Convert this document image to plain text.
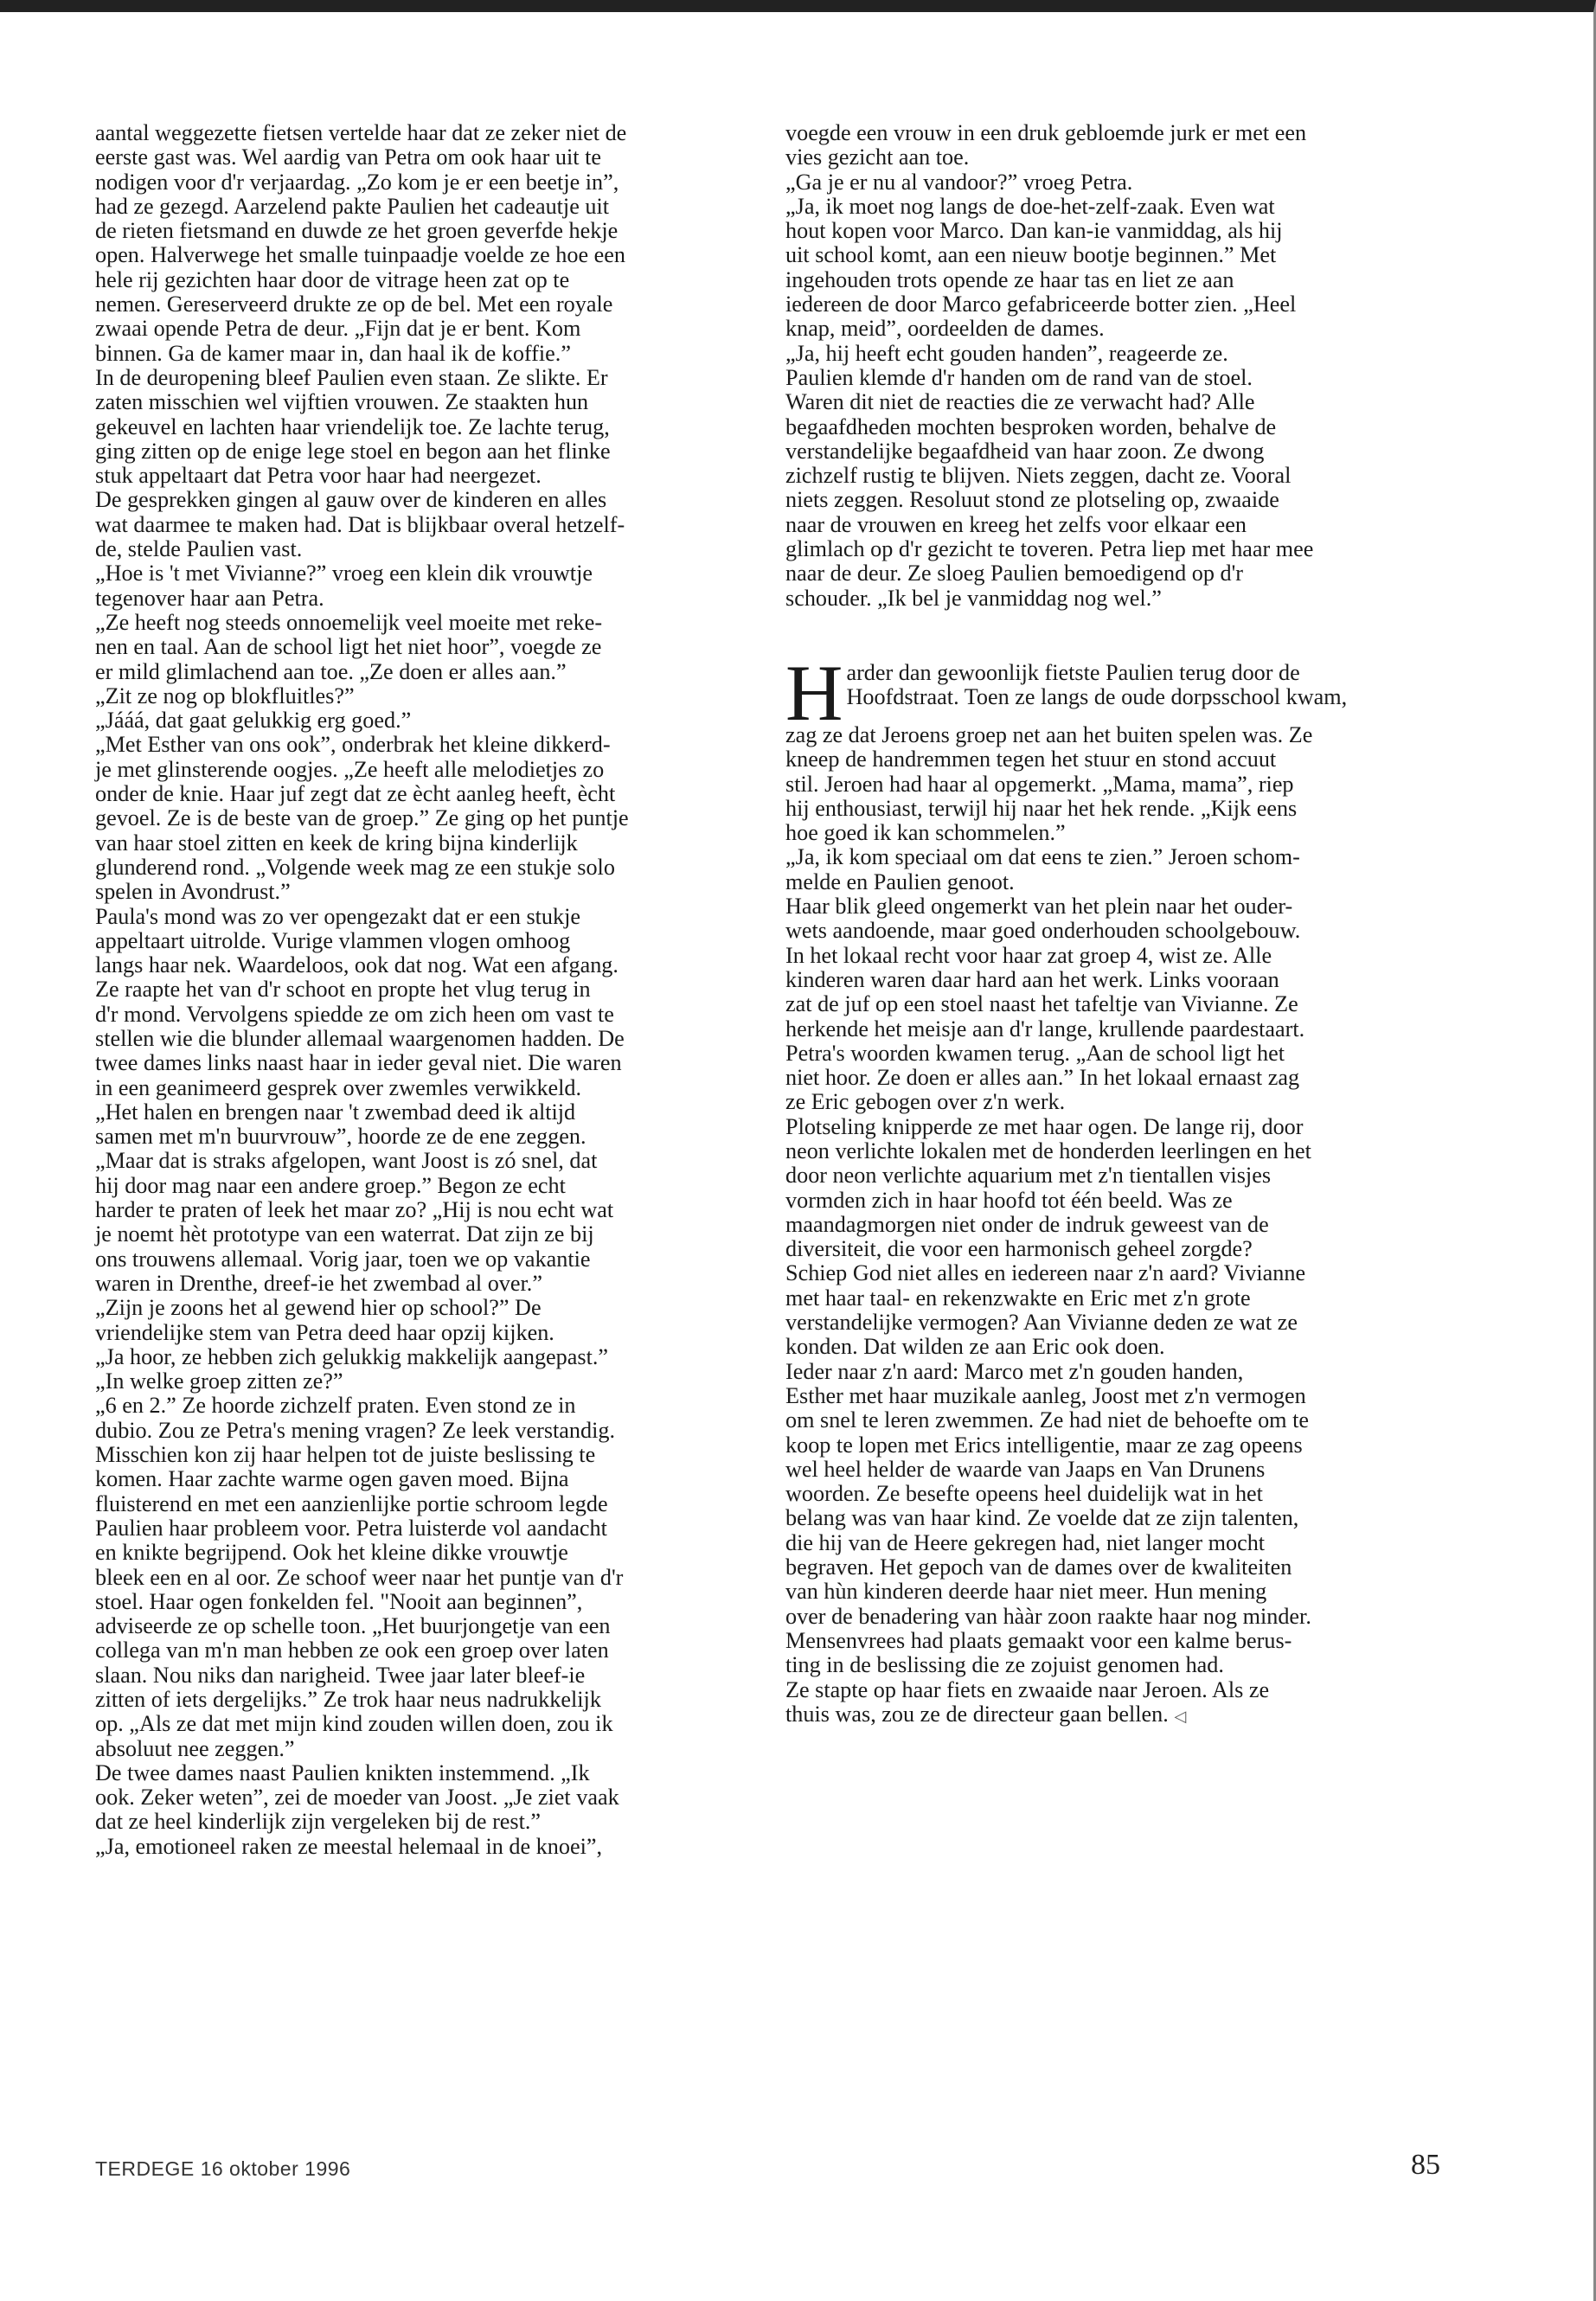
aantal weggezette fietsen vertelde haar dat ze zeker niet de
eerste gast was. Wel aardig van Petra om ook haar uit te
nodigen voor d'r verjaardag. „Zo kom je er een beetje in”,
had ze gezegd. Aarzelend pakte Paulien het cadeautje uit
de rieten fietsmand en duwde ze het groen geverfde hekje
open. Halverwege het smalle tuinpaadje voelde ze hoe een
hele rij gezichten haar door de vitrage heen zat op te
nemen. Gereserveerd drukte ze op de bel. Met een royale
zwaai opende Petra de deur. „Fijn dat je er bent. Kom
binnen. Ga de kamer maar in, dan haal ik de koffie.”
In de deuropening bleef Paulien even staan. Ze slikte. Er
zaten misschien wel vijftien vrouwen. Ze staakten hun
gekeuvel en lachten haar vriendelijk toe. Ze lachte terug,
ging zitten op de enige lege stoel en begon aan het flinke
stuk appeltaart dat Petra voor haar had neergezet.
De gesprekken gingen al gauw over de kinderen en alles
wat daarmee te maken had. Dat is blijkbaar overal hetzelf-
de, stelde Paulien vast.
„Hoe is 't met Vivianne?” vroeg een klein dik vrouwtje
tegenover haar aan Petra.
„Ze heeft nog steeds onnoemelijk veel moeite met reke-
nen en taal. Aan de school ligt het niet hoor”, voegde ze
er mild glimlachend aan toe. „Ze doen er alles aan.”
„Zit ze nog op blokfluitles?”
„Jááá, dat gaat gelukkig erg goed.”
„Met Esther van ons ook”, onderbrak het kleine dikkerd-
je met glinsterende oogjes. „Ze heeft alle melodietjes zo
onder de knie. Haar juf zegt dat ze ècht aanleg heeft, ècht
gevoel. Ze is de beste van de groep.” Ze ging op het puntje
van haar stoel zitten en keek de kring bijna kinderlijk
glunderend rond. „Volgende week mag ze een stukje solo
spelen in Avondrust.”
Paula's mond was zo ver opengezakt dat er een stukje
appeltaart uitrolde. Vurige vlammen vlogen omhoog
langs haar nek. Waardeloos, ook dat nog. Wat een afgang.
Ze raapte het van d'r schoot en propte het vlug terug in
d'r mond. Vervolgens spiedde ze om zich heen om vast te
stellen wie die blunder allemaal waargenomen hadden. De
twee dames links naast haar in ieder geval niet. Die waren
in een geanimeerd gesprek over zwemles verwikkeld.
„Het halen en brengen naar 't zwembad deed ik altijd
samen met m'n buurvrouw”, hoorde ze de ene zeggen.
„Maar dat is straks afgelopen, want Joost is zó snel, dat
hij door mag naar een andere groep.” Begon ze echt
harder te praten of leek het maar zo? „Hij is nou echt wat
je noemt hèt prototype van een waterrat. Dat zijn ze bij
ons trouwens allemaal. Vorig jaar, toen we op vakantie
waren in Drenthe, dreef-ie het zwembad al over.”
„Zijn je zoons het al gewend hier op school?” De
vriendelijke stem van Petra deed haar opzij kijken.
„Ja hoor, ze hebben zich gelukkig makkelijk aangepast.”
„In welke groep zitten ze?”
„6 en 2.” Ze hoorde zichzelf praten. Even stond ze in
dubio. Zou ze Petra's mening vragen? Ze leek verstandig.
Misschien kon zij haar helpen tot de juiste beslissing te
komen. Haar zachte warme ogen gaven moed. Bijna
fluisterend en met een aanzienlijke portie schroom legde
Paulien haar probleem voor. Petra luisterde vol aandacht
en knikte begrijpend. Ook het kleine dikke vrouwtje
bleek een en al oor. Ze schoof weer naar het puntje van d'r
stoel. Haar ogen fonkelden fel. "Nooit aan beginnen”,
adviseerde ze op schelle toon. „Het buurjongetje van een
collega van m'n man hebben ze ook een groep over laten
slaan. Nou niks dan narigheid. Twee jaar later bleef-ie
zitten of iets dergelijks.” Ze trok haar neus nadrukkelijk
op. „Als ze dat met mijn kind zouden willen doen, zou ik
absoluut nee zeggen.”
De twee dames naast Paulien knikten instemmend. „Ik
ook. Zeker weten”, zei de moeder van Joost. „Je ziet vaak
dat ze heel kinderlijk zijn vergeleken bij de rest.”
„Ja, emotioneel raken ze meestal helemaal in de knoei”,
voegde een vrouw in een druk gebloemde jurk er met een
vies gezicht aan toe.
„Ga je er nu al vandoor?” vroeg Petra.
„Ja, ik moet nog langs de doe-het-zelf-zaak. Even wat
hout kopen voor Marco. Dan kan-ie vanmiddag, als hij
uit school komt, aan een nieuw bootje beginnen.” Met
ingehouden trots opende ze haar tas en liet ze aan
iedereen de door Marco gefabriceerde botter zien. „Heel
knap, meid”, oordeelden de dames.
„Ja, hij heeft echt gouden handen”, reageerde ze.
Paulien klemde d'r handen om de rand van de stoel.
Waren dit niet de reacties die ze verwacht had? Alle
begaafdheden mochten besproken worden, behalve de
verstandelijke begaafdheid van haar zoon. Ze dwong
zichzelf rustig te blijven. Niets zeggen, dacht ze. Vooral
niets zeggen. Resoluut stond ze plotseling op, zwaaide
naar de vrouwen en kreeg het zelfs voor elkaar een
glimlach op d'r gezicht te toveren. Petra liep met haar mee
naar de deur. Ze sloeg Paulien bemoedigend op d'r
schouder. „Ik bel je vanmiddag nog wel.”
H arder dan gewoonlijk fietste Paulien terug door de
Hoofdstraat. Toen ze langs de oude dorpsschool kwam,
zag ze dat Jeroens groep net aan het buiten spelen was. Ze
kneep de handremmen tegen het stuur en stond accuut
stil. Jeroen had haar al opgemerkt. „Mama, mama”, riep
hij enthousiast, terwijl hij naar het hek rende. „Kijk eens
hoe goed ik kan schommelen.”
„Ja, ik kom speciaal om dat eens te zien.” Jeroen schom-
melde en Paulien genoot.
Haar blik gleed ongemerkt van het plein naar het ouder-
wets aandoende, maar goed onderhouden schoolgebouw.
In het lokaal recht voor haar zat groep 4, wist ze. Alle
kinderen waren daar hard aan het werk. Links vooraan
zat de juf op een stoel naast het tafeltje van Vivianne. Ze
herkende het meisje aan d'r lange, krullende paardestaart.
Petra's woorden kwamen terug. „Aan de school ligt het
niet hoor. Ze doen er alles aan.” In het lokaal ernaast zag
ze Eric gebogen over z'n werk.
Plotseling knipperde ze met haar ogen. De lange rij, door
neon verlichte lokalen met de honderden leerlingen en het
door neon verlichte aquarium met z'n tientallen visjes
vormden zich in haar hoofd tot één beeld. Was ze
maandagmorgen niet onder de indruk geweest van de
diversiteit, die voor een harmonisch geheel zorgde?
Schiep God niet alles en iedereen naar z'n aard? Vivianne
met haar taal- en rekenzwakte en Eric met z'n grote
verstandelijke vermogen? Aan Vivianne deden ze wat ze
konden. Dat wilden ze aan Eric ook doen.
Ieder naar z'n aard: Marco met z'n gouden handen,
Esther met haar muzikale aanleg, Joost met z'n vermogen
om snel te leren zwemmen. Ze had niet de behoefte om te
koop te lopen met Erics intelligentie, maar ze zag opeens
wel heel helder de waarde van Jaaps en Van Drunens
woorden. Ze besefte opeens heel duidelijk wat in het
belang was van haar kind. Ze voelde dat ze zijn talenten,
die hij van de Heere gekregen had, niet langer mocht
begraven. Het gepoch van de dames over de kwaliteiten
van hùn kinderen deerde haar niet meer. Hun mening
over de benadering van hààr zoon raakte haar nog minder.
Mensenvrees had plaats gemaakt voor een kalme berus-
ting in de beslissing die ze zojuist genomen had.
Ze stapte op haar fiets en zwaaide naar Jeroen. Als ze
thuis was, zou ze de directeur gaan bellen. ◁
TERDEGE 16 oktober 1996	85
